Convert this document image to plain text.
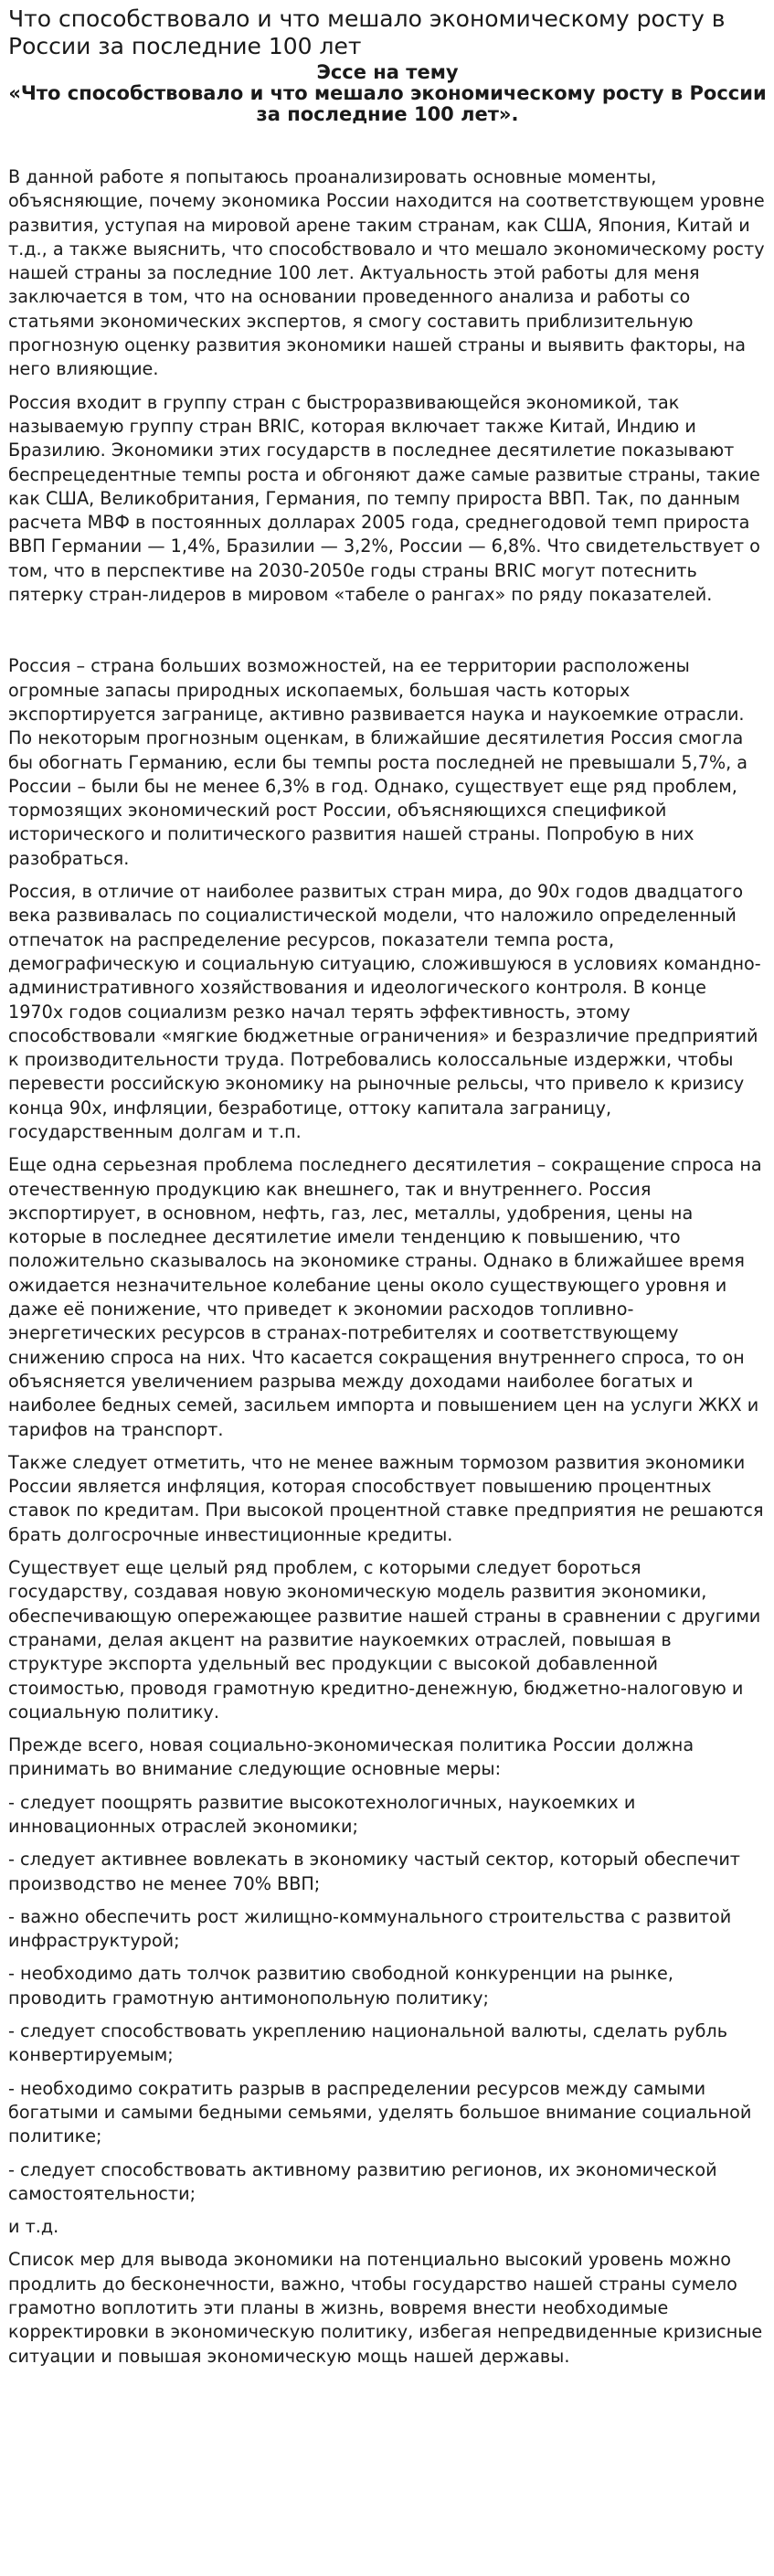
Что способствовало и что мешало экономическому росту в России за последние 100 лет
Эссе на тему
«Что способствовало и что мешало экономическому росту в России за последние 100 лет».

В данной работе я попытаюсь проанализировать основные моменты, объясняющие, почему экономика России находится на соответствующем уровне развития, уступая на мировой арене таким странам, как США, Япония, Китай и т.д., а также выяснить, что способствовало и что мешало экономическому росту нашей страны за последние 100 лет. Актуальность этой работы для меня заключается в том, что на основании проведенного анализа и работы со статьями экономических экспертов, я смогу составить приблизительную прогнозную оценку развития экономики нашей страны и выявить факторы, на него влияющие.

Россия входит в группу стран с быстроразвивающейся экономикой, так называемую группу стран BRIC, которая включает также Китай, Индию и Бразилию. Экономики этих государств в последнее десятилетие показывают беспрецедентные темпы роста и обгоняют даже самые развитые страны, такие как США, Великобритания, Германия, по темпу прироста ВВП. Так, по данным расчета МВФ в постоянных долларах 2005 года, среднегодовой темп прироста ВВП Германии — 1,4%, Бразилии — 3,2%, России — 6,8%. Что свидетельствует о том, что в перспективе на 2030-2050е годы страны BRIC могут потеснить пятерку стран-лидеров в мировом «табеле о рангах» по ряду показателей.

Россия – страна больших возможностей, на ее территории расположены огромные запасы природных ископаемых, большая часть которых экспортируется загранице, активно развивается наука и наукоемкие отрасли. По некоторым прогнозным оценкам, в ближайшие десятилетия Россия смогла бы обогнать Германию, если бы темпы роста последней не превышали 5,7%, а России – были бы не менее 6,3% в год. Однако, существует еще ряд проблем, тормозящих экономический рост России, объясняющихся спецификой исторического и политического развития нашей страны. Попробую в них разобраться.

Россия, в отличие от наиболее развитых стран мира, до 90х годов двадцатого века развивалась по социалистической модели, что наложило определенный отпечаток на распределение ресурсов, показатели темпа роста, демографическую и социальную ситуацию, сложившуюся в условиях командно-административного хозяйствования и идеологического контроля. В конце 1970х годов социализм резко начал терять эффективность, этому способствовали «мягкие бюджетные ограничения» и безразличие предприятий к производительности труда. Потребовались колоссальные издержки, чтобы перевести российскую экономику на рыночные рельсы, что привело к кризису конца 90х, инфляции, безработице, оттоку капитала заграницу, государственным долгам и т.п.

Еще одна серьезная проблема последнего десятилетия – сокращение спроса на отечественную продукцию как внешнего, так и внутреннего. Россия экспортирует, в основном, нефть, газ, лес, металлы, удобрения, цены на которые в последнее десятилетие имели тенденцию к повышению, что положительно сказывалось на экономике страны. Однако в ближайшее время ожидается незначительное колебание цены около существующего уровня и даже её понижение, что приведет к экономии расходов топливно-энергетических ресурсов в странах-потребителях и соответствующему снижению спроса на них. Что касается сокращения внутреннего спроса, то он объясняется увеличением разрыва между доходами наиболее богатых и наиболее бедных семей, засильем импорта и повышением цен на услуги ЖКХ и тарифов на транспорт.

Также следует отметить, что не менее важным тормозом развития экономики России является инфляция, которая способствует повышению процентных ставок по кредитам. При высокой процентной ставке предприятия не решаются брать долгосрочные инвестиционные кредиты.

Существует еще целый ряд проблем, с которыми следует бороться государству, создавая новую экономическую модель развития экономики, обеспечивающую опережающее развитие нашей страны в сравнении с другими странами, делая акцент на развитие наукоемких отраслей, повышая в структуре экспорта удельный вес продукции с высокой добавленной стоимостью, проводя грамотную кредитно-денежную, бюджетно-налоговую и социальную политику.

Прежде всего, новая социально-экономическая политика России должна принимать во внимание следующие основные меры:

- следует поощрять развитие высокотехнологичных, наукоемких и инновационных отраслей экономики;

- следует активнее вовлекать в экономику частый сектор, который обеспечит производство не менее 70% ВВП;

- важно обеспечить рост жилищно-коммунального строительства с развитой инфраструктурой;

- необходимо дать толчок развитию свободной конкуренции на рынке, проводить грамотную антимонопольную политику;

- следует способствовать укреплению национальной валюты, сделать рубль конвертируемым;

- необходимо сократить разрыв в распределении ресурсов между самыми богатыми и самыми бедными семьями, уделять большое внимание социальной политике;

- следует способствовать активному развитию регионов, их экономической самостоятельности;

и т.д.

Список мер для вывода экономики на потенциально высокий уровень можно продлить до бесконечности, важно, чтобы государство нашей страны сумело грамотно воплотить эти планы в жизнь, вовремя внести необходимые корректировки в экономическую политику, избегая непредвиденные кризисные ситуации и повышая экономическую мощь нашей державы.
